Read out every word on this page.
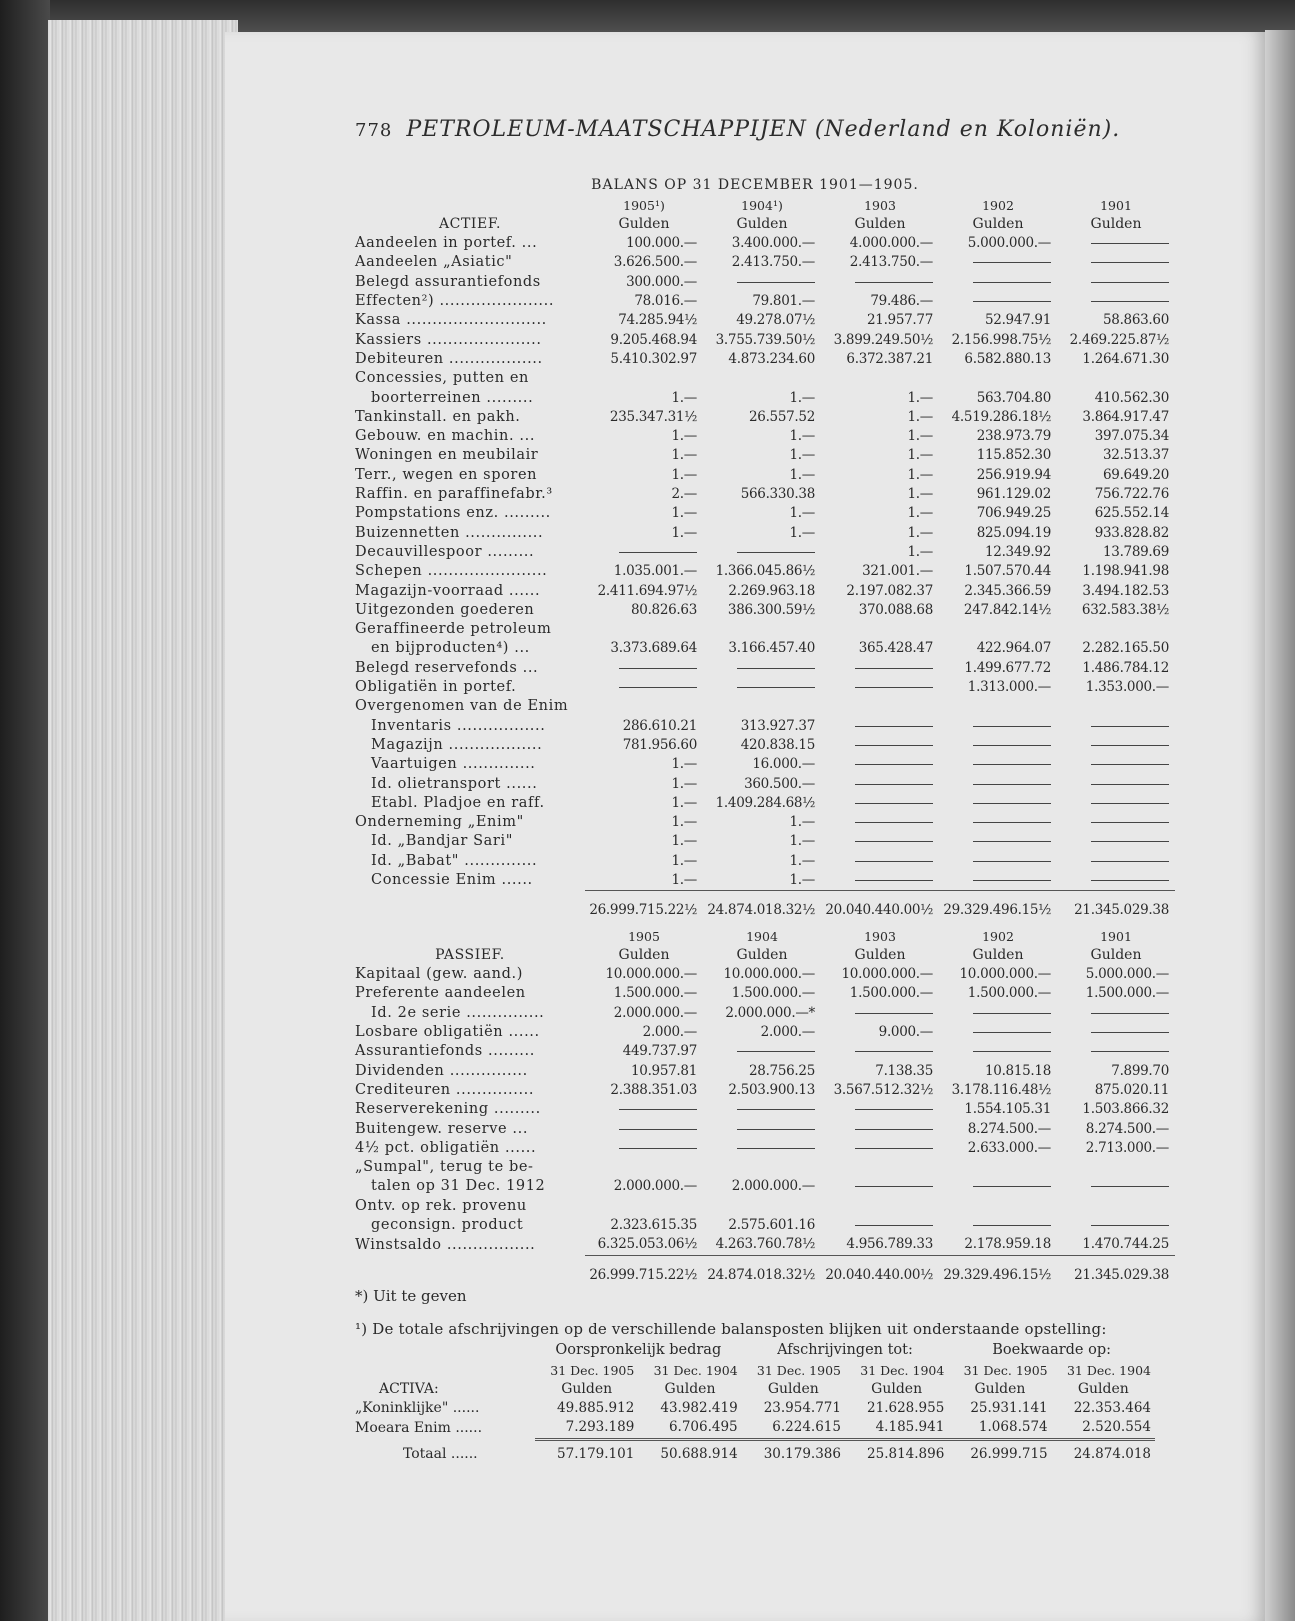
778 PETROLEUM-MAATSCHAPPIJEN (Nederland en Koloniën).
BALANS OP 31 DECEMBER 1901—1905.
	1905¹)	1904¹)	1903	1902	1901
ACTIEF.	Gulden	Gulden	Gulden	Gulden	Gulden
Aandeelen in portef. ...	100.000.—	3.400.000.—	4.000.000.—	5.000.000.—	
Aandeelen „Asiatic"	3.626.500.—	2.413.750.—	2.413.750.—		
Belegd assurantiefonds	300.000.—				
Effecten²) ......................	78.016.—	79.801.—	79.486.—		
Kassa ...........................	74.285.94½	49.278.07½	21.957.77	52.947.91	58.863.60
Kassiers ......................	9.205.468.94	3.755.739.50½	3.899.249.50½	2.156.998.75½	2.469.225.87½
Debiteuren ..................	5.410.302.97	4.873.234.60	6.372.387.21	6.582.880.13	1.264.671.30
Concessies, putten en					
boorterreinen .........	1.—	1.—	1.—	563.704.80	410.562.30
Tankinstall. en pakh.	235.347.31½	26.557.52	1.—	4.519.286.18½	3.864.917.47
Gebouw. en machin. ...	1.—	1.—	1.—	238.973.79	397.075.34
Woningen en meubilair	1.—	1.—	1.—	115.852.30	32.513.37
Terr., wegen en sporen	1.—	1.—	1.—	256.919.94	69.649.20
Raffin. en paraffinefabr.³	2.—	566.330.38	1.—	961.129.02	756.722.76
Pompstations enz. .........	1.—	1.—	1.—	706.949.25	625.552.14
Buizennetten ...............	1.—	1.—	1.—	825.094.19	933.828.82
Decauvillespoor .........			1.—	12.349.92	13.789.69
Schepen .......................	1.035.001.—	1.366.045.86½	321.001.—	1.507.570.44	1.198.941.98
Magazijn-voorraad ......	2.411.694.97½	2.269.963.18	2.197.082.37	2.345.366.59	3.494.182.53
Uitgezonden goederen	80.826.63	386.300.59½	370.088.68	247.842.14½	632.583.38½
Geraffineerde petroleum					
en bijproducten⁴) ...	3.373.689.64	3.166.457.40	365.428.47	422.964.07	2.282.165.50
Belegd reservefonds ...				1.499.677.72	1.486.784.12
Obligatiën in portef.				1.313.000.—	1.353.000.—
Overgenomen van de Enim					
Inventaris .................	286.610.21	313.927.37			
Magazijn ..................	781.956.60	420.838.15			
Vaartuigen ..............	1.—	16.000.—			
Id. olietransport ......	1.—	360.500.—			
Etabl. Pladjoe en raff.	1.—	1.409.284.68½			
Onderneming „Enim"	1.—	1.—			
Id. „Bandjar Sari"	1.—	1.—			
Id. „Babat" ..............	1.—	1.—			
Concessie Enim ......	1.—	1.—			

	26.999.715.22½	24.874.018.32½	20.040.440.00½	29.329.496.15½	21.345.029.38
	1905	1904	1903	1902	1901
PASSIEF.	Gulden	Gulden	Gulden	Gulden	Gulden
Kapitaal (gew. aand.)	10.000.000.—	10.000.000.—	10.000.000.—	10.000.000.—	5.000.000.—
Preferente aandeelen	1.500.000.—	1.500.000.—	1.500.000.—	1.500.000.—	1.500.000.—
Id. 2e serie ...............	2.000.000.—	2.000.000.—*			
Losbare obligatiën ......	2.000.—	2.000.—	9.000.—		
Assurantiefonds .........	449.737.97				
Dividenden ...............	10.957.81	28.756.25	7.138.35	10.815.18	7.899.70
Crediteuren ...............	2.388.351.03	2.503.900.13	3.567.512.32½	3.178.116.48½	875.020.11
Reserverekening .........				1.554.105.31	1.503.866.32
Buitengew. reserve ...				8.274.500.—	8.274.500.—
4½ pct. obligatiën ......				2.633.000.—	2.713.000.—
„Sumpal", terug te be-					
talen op 31 Dec. 1912	2.000.000.—	2.000.000.—			
Ontv. op rek. provenu					
geconsign. product	2.323.615.35	2.575.601.16			
Winstsaldo .................	6.325.053.06½	4.263.760.78½	4.956.789.33	2.178.959.18	1.470.744.25

	26.999.715.22½	24.874.018.32½	20.040.440.00½	29.329.496.15½	21.345.029.38
*) Uit te geven
¹) De totale afschrijvingen op de verschillende balansposten blijken uit onderstaande opstelling:
	Oorspronkelijk bedrag		Afschrijvingen tot:		Boekwaarde op:	
	31 Dec. 1905	31 Dec. 1904	31 Dec. 1905	31 Dec. 1904	31 Dec. 1905	31 Dec. 1904
ACTIVA:	Gulden	Gulden	Gulden	Gulden	Gulden	Gulden
„Koninklijke" ......	49.885.912	43.982.419	23.954.771	21.628.955	25.931.141	22.353.464
Moeara Enim ......	7.293.189	6.706.495	6.224.615	4.185.941	1.068.574	2.520.554

Totaal ......	57.179.101	50.688.914	30.179.386	25.814.896	26.999.715	24.874.018
